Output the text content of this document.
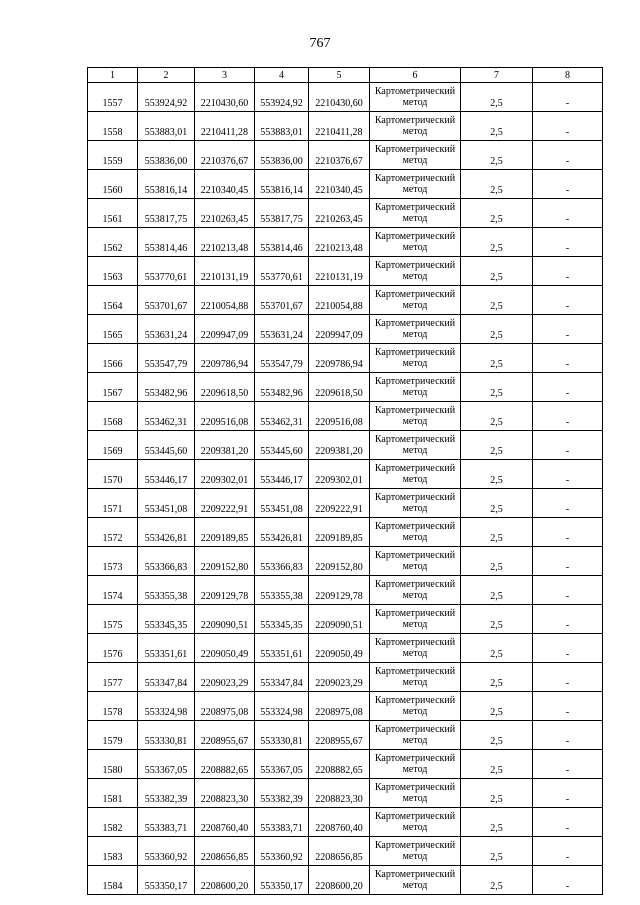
767
1	2	3	4	5	6	7	8
1557	553924,92	2210430,60	553924,92	2210430,60	Картометрический метод	2,5	-
1558	553883,01	2210411,28	553883,01	2210411,28	Картометрический метод	2,5	-
1559	553836,00	2210376,67	553836,00	2210376,67	Картометрический метод	2,5	-
1560	553816,14	2210340,45	553816,14	2210340,45	Картометрический метод	2,5	-
1561	553817,75	2210263,45	553817,75	2210263,45	Картометрический метод	2,5	-
1562	553814,46	2210213,48	553814,46	2210213,48	Картометрический метод	2,5	-
1563	553770,61	2210131,19	553770,61	2210131,19	Картометрический метод	2,5	-
1564	553701,67	2210054,88	553701,67	2210054,88	Картометрический метод	2,5	-
1565	553631,24	2209947,09	553631,24	2209947,09	Картометрический метод	2,5	-
1566	553547,79	2209786,94	553547,79	2209786,94	Картометрический метод	2,5	-
1567	553482,96	2209618,50	553482,96	2209618,50	Картометрический метод	2,5	-
1568	553462,31	2209516,08	553462,31	2209516,08	Картометрический метод	2,5	-
1569	553445,60	2209381,20	553445,60	2209381,20	Картометрический метод	2,5	-
1570	553446,17	2209302,01	553446,17	2209302,01	Картометрический метод	2,5	-
1571	553451,08	2209222,91	553451,08	2209222,91	Картометрический метод	2,5	-
1572	553426,81	2209189,85	553426,81	2209189,85	Картометрический метод	2,5	-
1573	553366,83	2209152,80	553366,83	2209152,80	Картометрический метод	2,5	-
1574	553355,38	2209129,78	553355,38	2209129,78	Картометрический метод	2,5	-
1575	553345,35	2209090,51	553345,35	2209090,51	Картометрический метод	2,5	-
1576	553351,61	2209050,49	553351,61	2209050,49	Картометрический метод	2,5	-
1577	553347,84	2209023,29	553347,84	2209023,29	Картометрический метод	2,5	-
1578	553324,98	2208975,08	553324,98	2208975,08	Картометрический метод	2,5	-
1579	553330,81	2208955,67	553330,81	2208955,67	Картометрический метод	2,5	-
1580	553367,05	2208882,65	553367,05	2208882,65	Картометрический метод	2,5	-
1581	553382,39	2208823,30	553382,39	2208823,30	Картометрический метод	2,5	-
1582	553383,71	2208760,40	553383,71	2208760,40	Картометрический метод	2,5	-
1583	553360,92	2208656,85	553360,92	2208656,85	Картометрический метод	2,5	-
1584	553350,17	2208600,20	553350,17	2208600,20	Картометрический метод	2,5	-
